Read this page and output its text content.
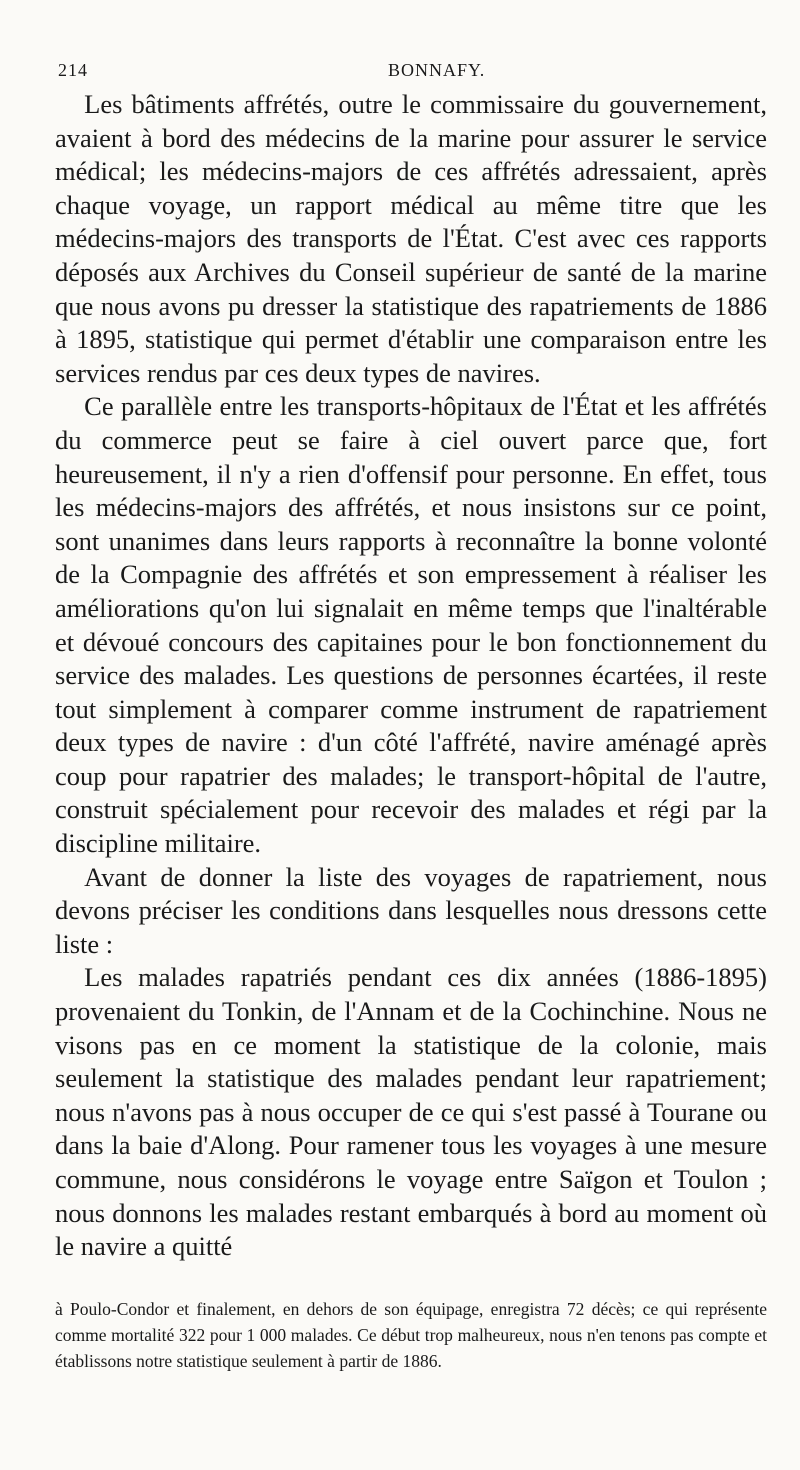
214	BONNAFY.

Les bâtiments affrétés, outre le commissaire du gouvernement, avaient à bord des médecins de la marine pour assurer le service médical; les médecins-majors de ces affrétés adressaient, après chaque voyage, un rapport médical au même titre que les médecins-majors des transports de l'État. C'est avec ces rapports déposés aux Archives du Conseil supérieur de santé de la marine que nous avons pu dresser la statistique des rapatriements de 1886 à 1895, statistique qui permet d'établir une comparaison entre les services rendus par ces deux types de navires.

Ce parallèle entre les transports-hôpitaux de l'État et les affrétés du commerce peut se faire à ciel ouvert parce que, fort heureusement, il n'y a rien d'offensif pour personne. En effet, tous les médecins-majors des affrétés, et nous insistons sur ce point, sont unanimes dans leurs rapports à reconnaître la bonne volonté de la Compagnie des affrétés et son empressement à réaliser les améliorations qu'on lui signalait en même temps que l'inaltérable et dévoué concours des capitaines pour le bon fonctionnement du service des malades. Les questions de personnes écartées, il reste tout simplement à comparer comme instrument de rapatriement deux types de navire : d'un côté l'affrété, navire aménagé après coup pour rapatrier des malades; le transport-hôpital de l'autre, construit spécialement pour recevoir des malades et régi par la discipline militaire.

Avant de donner la liste des voyages de rapatriement, nous devons préciser les conditions dans lesquelles nous dressons cette liste :

Les malades rapatriés pendant ces dix années (1886-1895) provenaient du Tonkin, de l'Annam et de la Cochinchine. Nous ne visons pas en ce moment la statistique de la colonie, mais seulement la statistique des malades pendant leur rapatriement; nous n'avons pas à nous occuper de ce qui s'est passé à Tourane ou dans la baie d'Along. Pour ramener tous les voyages à une mesure commune, nous considérons le voyage entre Saïgon et Toulon ; nous donnons les malades restant embarqués à bord au moment où le navire a quitté

à Poulo-Condor et finalement, en dehors de son équipage, enregistra 72 décès; ce qui représente comme mortalité 322 pour 1 000 malades. Ce début trop malheureux, nous n'en tenons pas compte et établissons notre statistique seulement à partir de 1886.
